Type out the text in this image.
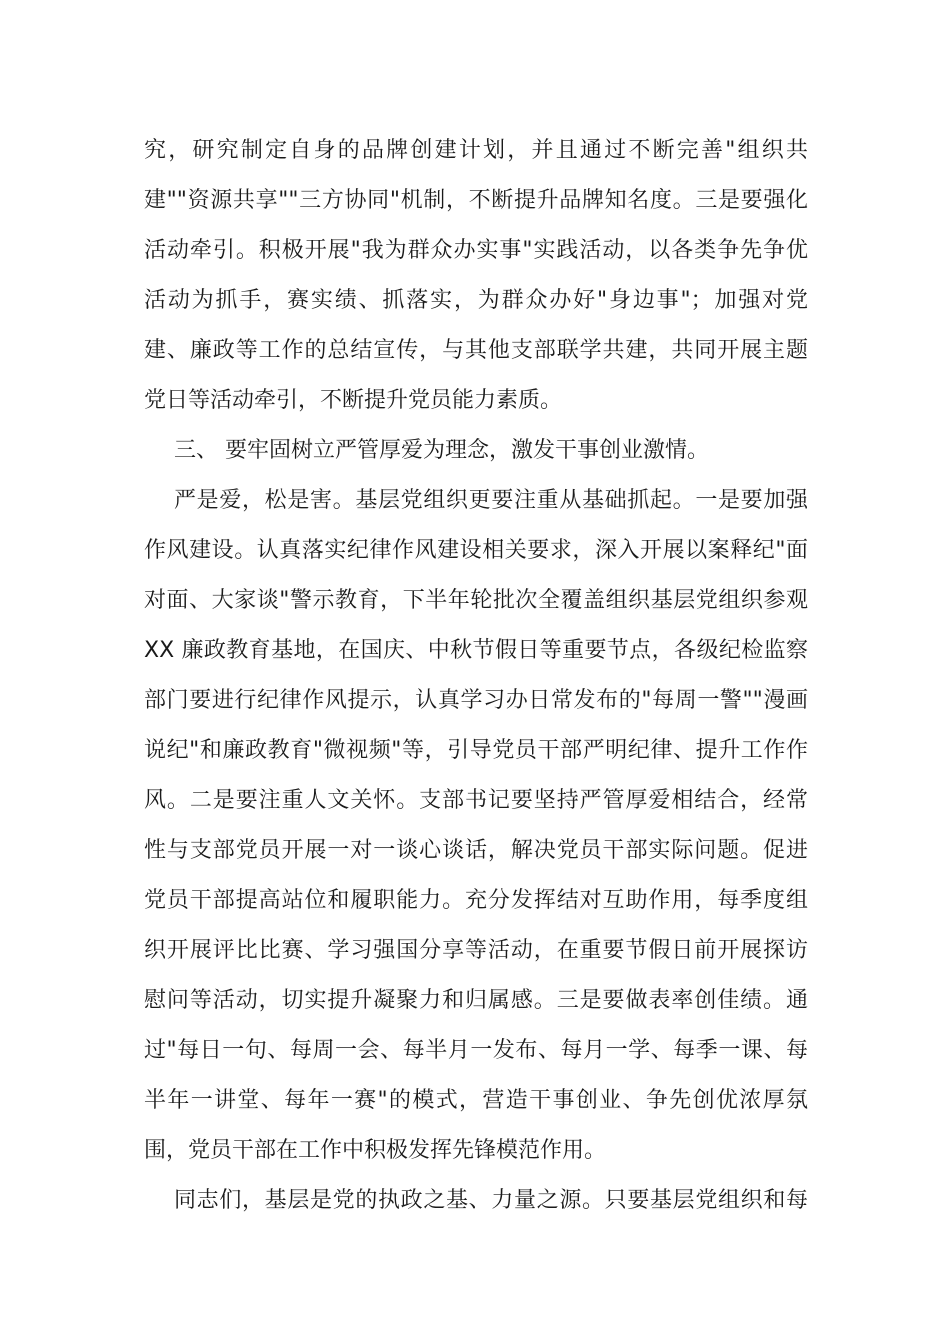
究，研究制定自身的品牌创建计划，并且通过不断完善"组织共
建""资源共享""三方协同"机制，不断提升品牌知名度。三是要强化
活动牵引。积极开展"我为群众办实事"实践活动，以各类争先争优
活动为抓手，赛实绩、抓落实，为群众办好"身边事"；加强对党
建、廉政等工作的总结宣传，与其他支部联学共建，共同开展主题
党日等活动牵引，不断提升党员能力素质。
三、 要牢固树立严管厚爱为理念，激发干事创业激情。
严是爱，松是害。基层党组织更要注重从基础抓起。一是要加强
作风建设。认真落实纪律作风建设相关要求，深入开展以案释纪"面
对面、大家谈"警示教育，下半年轮批次全覆盖组织基层党组织参观
XX 廉政教育基地，在国庆、中秋节假日等重要节点，各级纪检监察
部门要进行纪律作风提示，认真学习办日常发布的"每周一警""漫画
说纪"和廉政教育"微视频"等，引导党员干部严明纪律、提升工作作
风。二是要注重人文关怀。支部书记要坚持严管厚爱相结合，经常
性与支部党员开展一对一谈心谈话，解决党员干部实际问题。促进
党员干部提高站位和履职能力。充分发挥结对互助作用，每季度组
织开展评比比赛、学习强国分享等活动，在重要节假日前开展探访
慰问等活动，切实提升凝聚力和归属感。三是要做表率创佳绩。通
过"每日一句、每周一会、每半月一发布、每月一学、每季一课、每
半年一讲堂、每年一赛"的模式，营造干事创业、争先创优浓厚氛
围，党员干部在工作中积极发挥先锋模范作用。
同志们，基层是党的执政之基、力量之源。只要基层党组织和每
